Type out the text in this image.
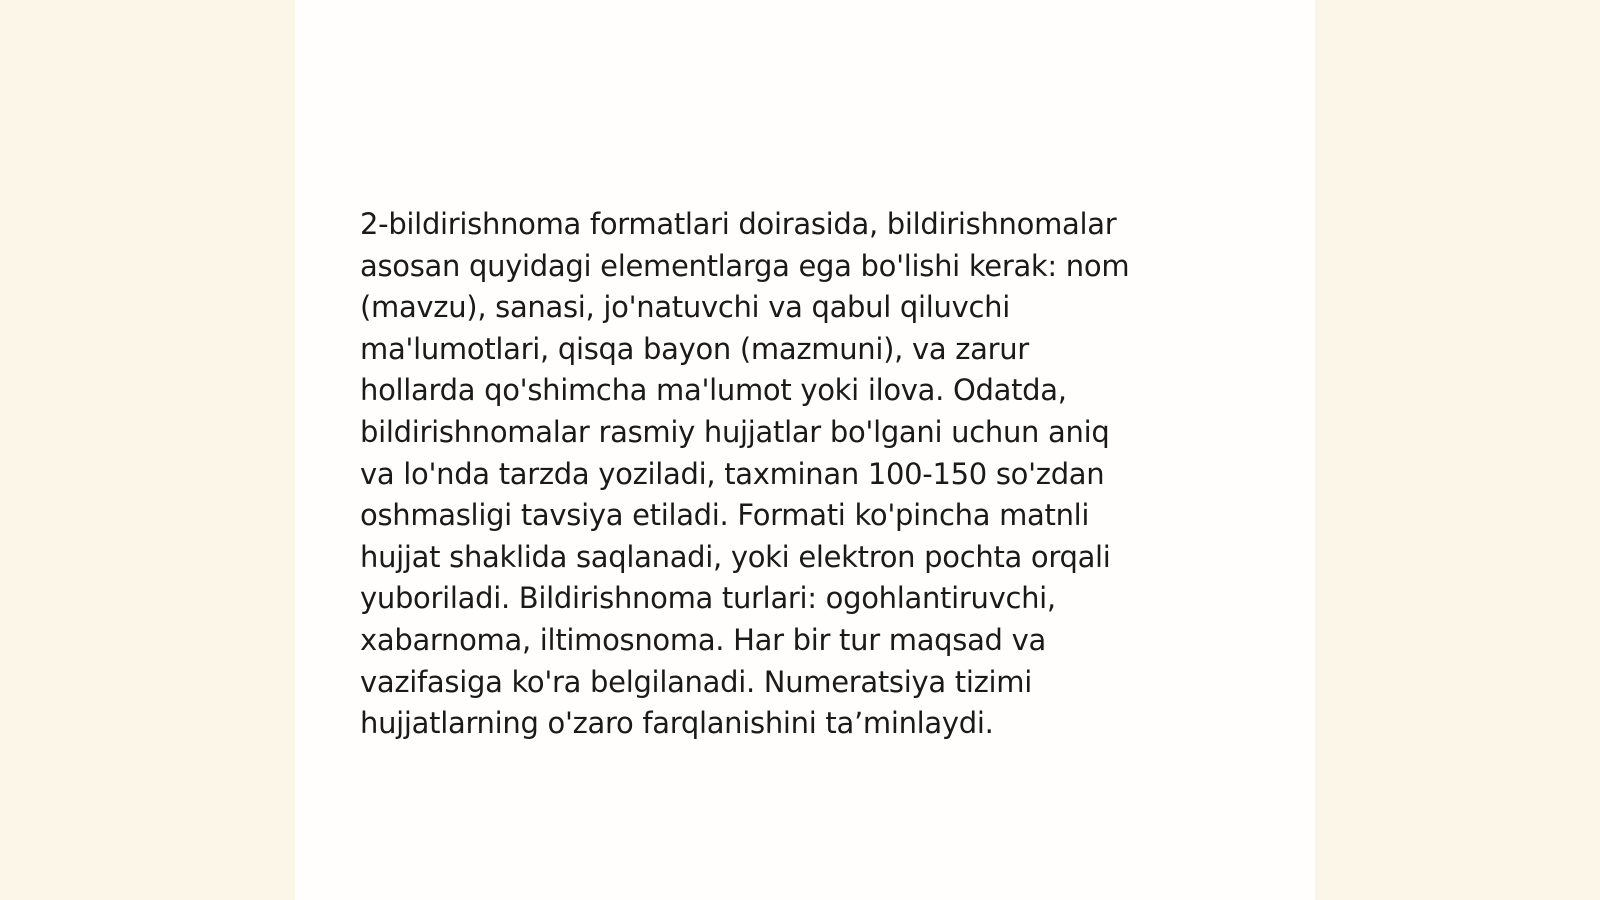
2-bildirishnoma formatlari doirasida, bildirishnomalar
asosan quyidagi elementlarga ega bo'lishi kerak: nom
(mavzu), sanasi, jo'natuvchi va qabul qiluvchi
ma'lumotlari, qisqa bayon (mazmuni), va zarur
hollarda qo'shimcha ma'lumot yoki ilova. Odatda,
bildirishnomalar rasmiy hujjatlar bo'lgani uchun aniq
va lo'nda tarzda yoziladi, taxminan 100-150 so'zdan
oshmasligi tavsiya etiladi. Formati ko'pincha matnli
hujjat shaklida saqlanadi, yoki elektron pochta orqali
yuboriladi. Bildirishnoma turlari: ogohlantiruvchi,
xabarnoma, iltimosnoma. Har bir tur maqsad va
vazifasiga ko'ra belgilanadi. Numeratsiya tizimi
hujjatlarning o'zaro farqlanishini ta’minlaydi.
